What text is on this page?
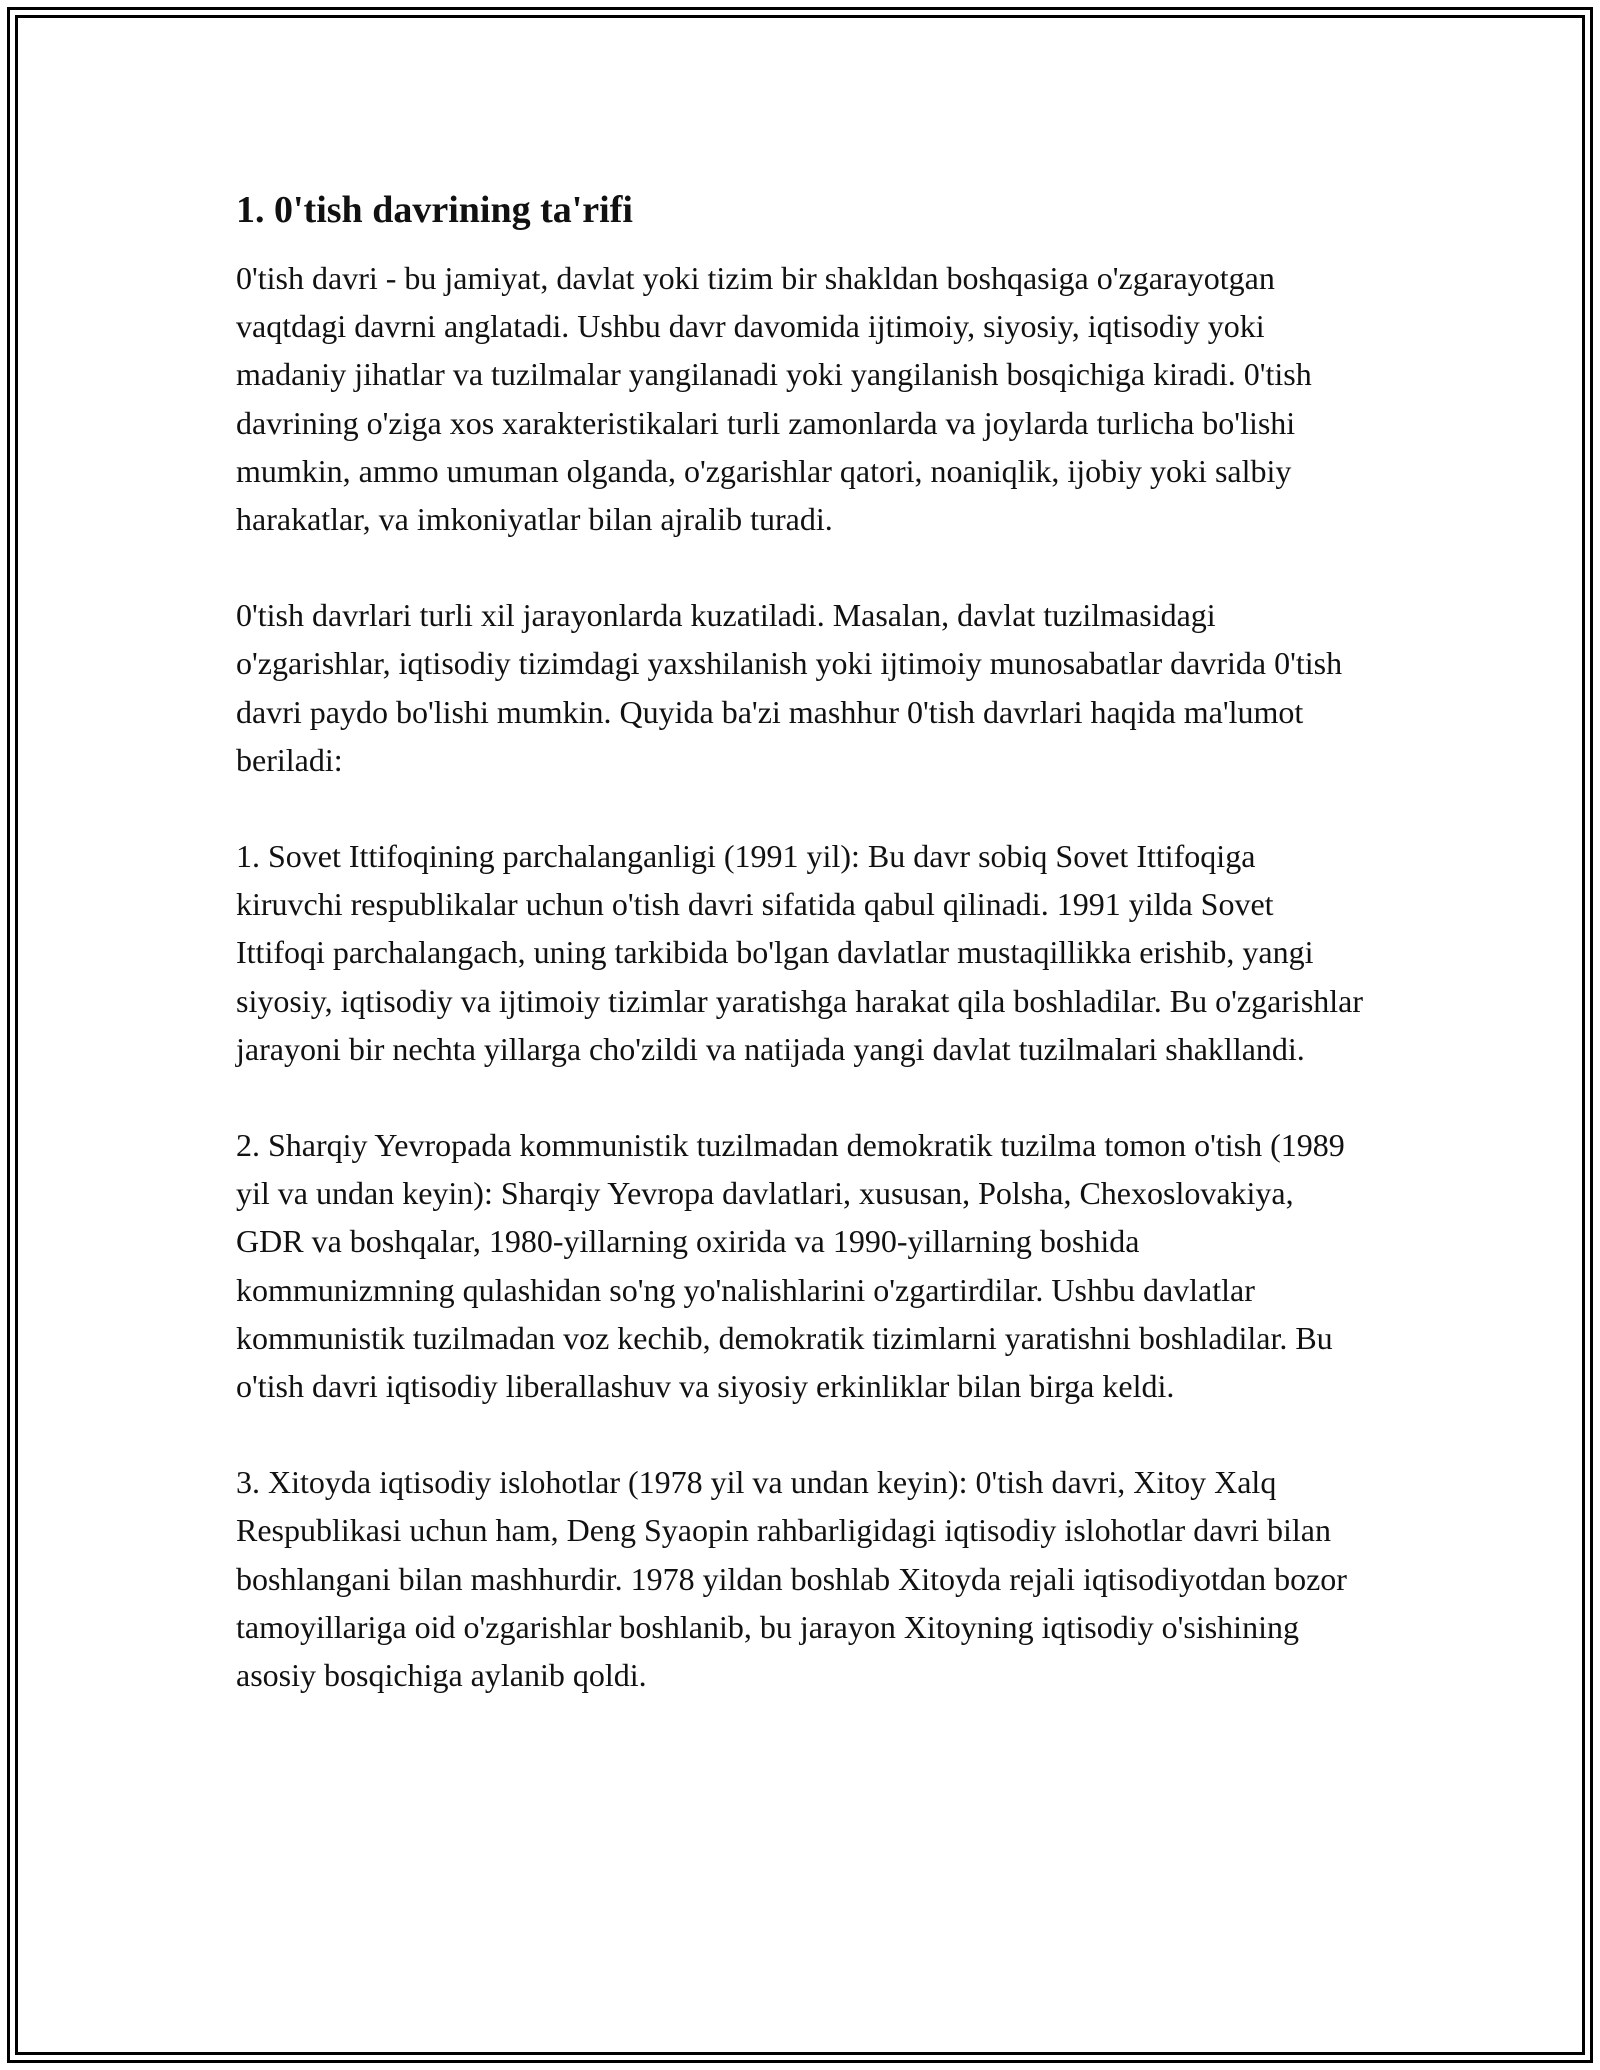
1. 0'tish davrining ta'rifi

0'tish davri - bu jamiyat, davlat yoki tizim bir shakldan boshqasiga o'zgarayotgan vaqtdagi davrni anglatadi. Ushbu davr davomida ijtimoiy, siyosiy, iqtisodiy yoki madaniy jihatlar va tuzilmalar yangilanadi yoki yangilanish bosqichiga kiradi. 0'tish davrining o'ziga xos xarakteristikalari turli zamonlarda va joylarda turlicha bo'lishi mumkin, ammo umuman olganda, o'zgarishlar qatori, noaniqlik, ijobiy yoki salbiy harakatlar, va imkoniyatlar bilan ajralib turadi.

0'tish davrlari turli xil jarayonlarda kuzatiladi. Masalan, davlat tuzilmasidagi o'zgarishlar, iqtisodiy tizimdagi yaxshilanish yoki ijtimoiy munosabatlar davrida 0'tish davri paydo bo'lishi mumkin. Quyida ba'zi mashhur 0'tish davrlari haqida ma'lumot beriladi:

1. Sovet Ittifoqining parchalanganligi (1991 yil): Bu davr sobiq Sovet Ittifoqiga kiruvchi respublikalar uchun o'tish davri sifatida qabul qilinadi. 1991 yilda Sovet Ittifoqi parchalangach, uning tarkibida bo'lgan davlatlar mustaqillikka erishib, yangi siyosiy, iqtisodiy va ijtimoiy tizimlar yaratishga harakat qila boshladilar. Bu o'zgarishlar jarayoni bir nechta yillarga cho'zildi va natijada yangi davlat tuzilmalari shakllandi.

2. Sharqiy Yevropada kommunistik tuzilmadan demokratik tuzilma tomon o'tish (1989 yil va undan keyin): Sharqiy Yevropa davlatlari, xususan, Polsha, Chexoslovakiya, GDR va boshqalar, 1980-yillarning oxirida va 1990-yillarning boshida kommunizmning qulashidan so'ng yo'nalishlarini o'zgartirdilar. Ushbu davlatlar kommunistik tuzilmadan voz kechib, demokratik tizimlarni yaratishni boshladilar. Bu o'tish davri iqtisodiy liberallashuv va siyosiy erkinliklar bilan birga keldi.

3. Xitoyda iqtisodiy islohotlar (1978 yil va undan keyin): 0'tish davri, Xitoy Xalq Respublikasi uchun ham, Deng Syaopin rahbarligidagi iqtisodiy islohotlar davri bilan boshlangani bilan mashhurdir. 1978 yildan boshlab Xitoyda rejali iqtisodiyotdan bozor tamoyillariga oid o'zgarishlar boshlanib, bu jarayon Xitoyning iqtisodiy o'sishining asosiy bosqichiga aylanib qoldi.
